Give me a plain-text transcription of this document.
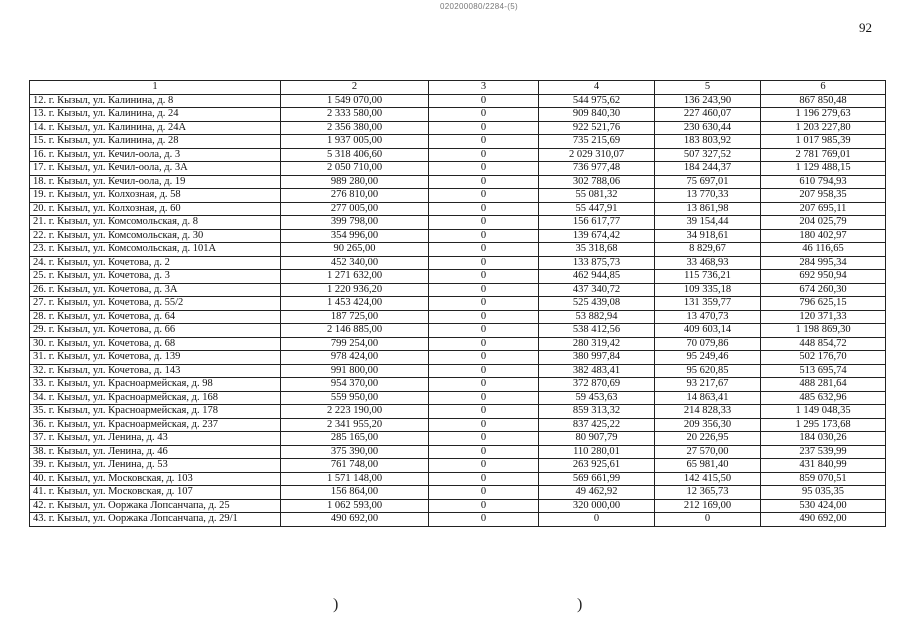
020200080/2284-(5)
92
1	2	3	4	5	6
12. г. Кызыл, ул. Калинина, д. 8	1 549 070,00	0	544 975,62	136 243,90	867 850,48
13. г. Кызыл, ул. Калинина, д. 24	2 333 580,00	0	909 840,30	227 460,07	1 196 279,63
14. г. Кызыл, ул. Калинина, д. 24А	2 356 380,00	0	922 521,76	230 630,44	1 203 227,80
15. г. Кызыл, ул. Калинина, д. 28	1 937 005,00	0	735 215,69	183 803,92	1 017 985,39
16. г. Кызыл, ул. Кечил-оола, д. 3	5 318 406,60	0	2 029 310,07	507 327,52	2 781 769,01
17. г. Кызыл, ул. Кечил-оола, д. 3А	2 050 710,00	0	736 977,48	184 244,37	1 129 488,15
18. г. Кызыл, ул. Кечил-оола, д. 19	989 280,00	0	302 788,06	75 697,01	610 794,93
19. г. Кызыл, ул. Колхозная, д. 58	276 810,00	0	55 081,32	13 770,33	207 958,35
20. г. Кызыл, ул. Колхозная, д. 60	277 005,00	0	55 447,91	13 861,98	207 695,11
21. г. Кызыл, ул. Комсомольская, д. 8	399 798,00	0	156 617,77	39 154,44	204 025,79
22. г. Кызыл, ул. Комсомольская, д. 30	354 996,00	0	139 674,42	34 918,61	180 402,97
23. г. Кызыл, ул. Комсомольская, д. 101А	90 265,00	0	35 318,68	8 829,67	46 116,65
24. г. Кызыл, ул. Кочетова, д. 2	452 340,00	0	133 875,73	33 468,93	284 995,34
25. г. Кызыл, ул. Кочетова, д. 3	1 271 632,00	0	462 944,85	115 736,21	692 950,94
26. г. Кызыл, ул. Кочетова, д. 3А	1 220 936,20	0	437 340,72	109 335,18	674 260,30
27. г. Кызыл, ул. Кочетова, д. 55/2	1 453 424,00	0	525 439,08	131 359,77	796 625,15
28. г. Кызыл, ул. Кочетова, д. 64	187 725,00	0	53 882,94	13 470,73	120 371,33
29. г. Кызыл, ул. Кочетова, д. 66	2 146 885,00	0	538 412,56	409 603,14	1 198 869,30
30. г. Кызыл, ул. Кочетова, д. 68	799 254,00	0	280 319,42	70 079,86	448 854,72
31. г. Кызыл, ул. Кочетова, д. 139	978 424,00	0	380 997,84	95 249,46	502 176,70
32. г. Кызыл, ул. Кочетова, д. 143	991 800,00	0	382 483,41	95 620,85	513 695,74
33. г. Кызыл, ул. Красноармейская, д. 98	954 370,00	0	372 870,69	93 217,67	488 281,64
34. г. Кызыл, ул. Красноармейская, д. 168	559 950,00	0	59 453,63	14 863,41	485 632,96
35. г. Кызыл, ул. Красноармейская, д. 178	2 223 190,00	0	859 313,32	214 828,33	1 149 048,35
36. г. Кызыл, ул. Красноармейская, д. 237	2 341 955,20	0	837 425,22	209 356,30	1 295 173,68
37. г. Кызыл, ул. Ленина, д. 43	285 165,00	0	80 907,79	20 226,95	184 030,26
38. г. Кызыл, ул. Ленина, д. 46	375 390,00	0	110 280,01	27 570,00	237 539,99
39. г. Кызыл, ул. Ленина, д. 53	761 748,00	0	263 925,61	65 981,40	431 840,99
40. г. Кызыл, ул. Московская, д. 103	1 571 148,00	0	569 661,99	142 415,50	859 070,51
41. г. Кызыл, ул. Московская, д. 107	156 864,00	0	49 462,92	12 365,73	95 035,35
42. г. Кызыл, ул. Ооржака Лопсанчапа, д. 25	1 062 593,00	0	320 000,00	212 169,00	530 424,00
43. г. Кызыл, ул. Ооржака Лопсанчапа, д. 29/1	490 692,00	0	0	0	490 692,00
)	)
